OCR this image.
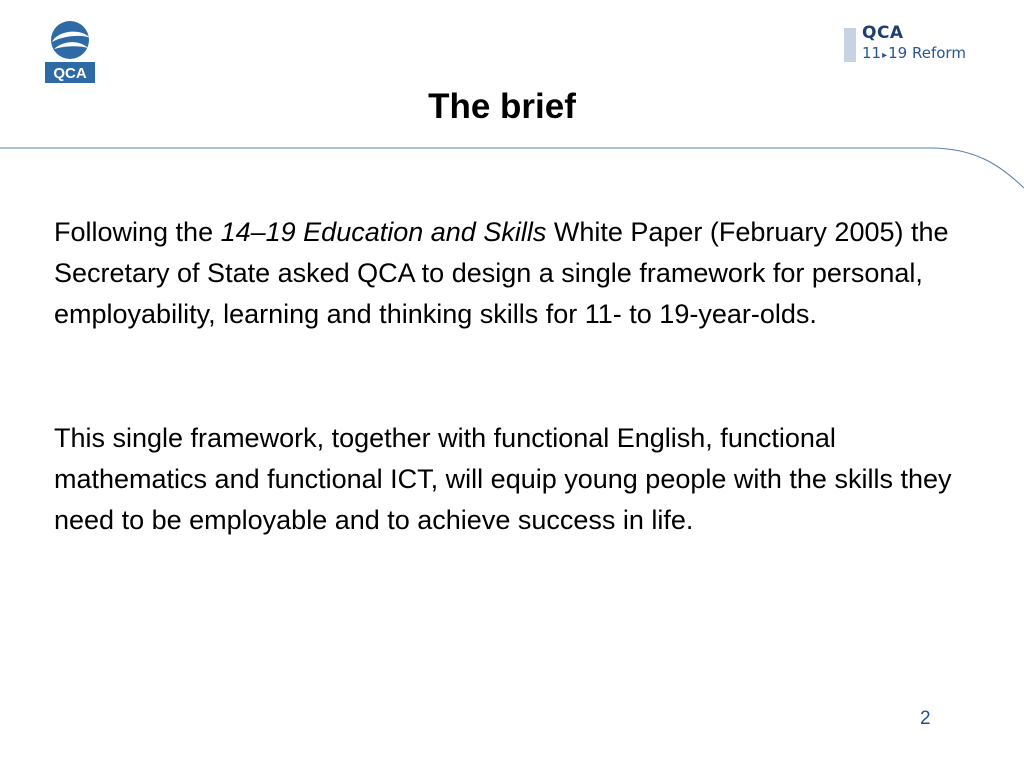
QCA
QCA
11▸19 Reform
The brief

Following the 14–19 Education and Skills White Paper (February 2005) the Secretary of State asked QCA to design a single framework for personal, employability, learning and thinking skills for 11- to 19-year-olds.

This single framework, together with functional English, functional mathematics and functional ICT, will equip young people with the skills they need to be employable and to achieve success in life.

2
